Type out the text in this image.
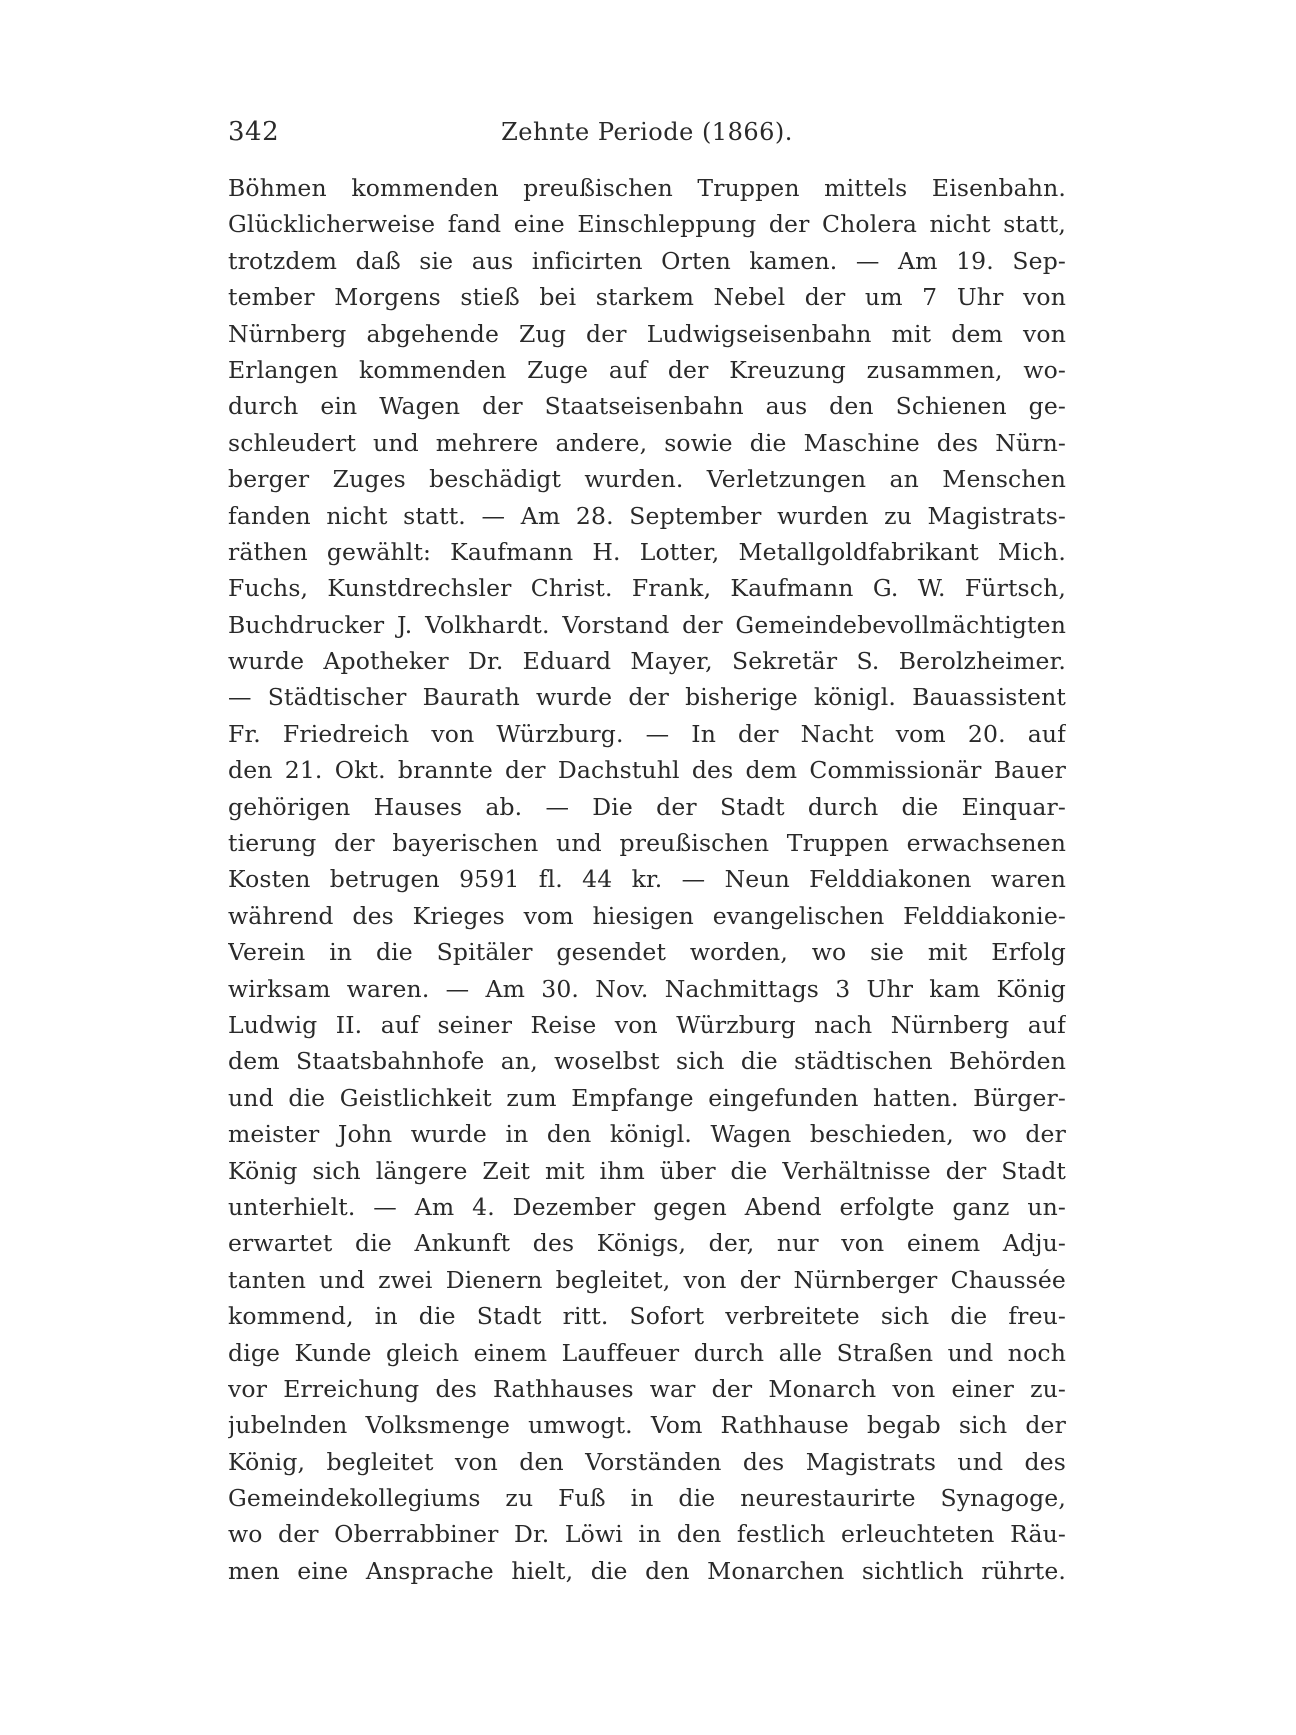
342	Zehnte Periode (1866).
Böhmen kommenden preußischen Truppen mittels Eisenbahn.
Glücklicherweise fand eine Einschleppung der Cholera nicht statt,
trotzdem daß sie aus inficirten Orten kamen. — Am 19. Sep-
tember Morgens stieß bei starkem Nebel der um 7 Uhr von
Nürnberg abgehende Zug der Ludwigseisenbahn mit dem von
Erlangen kommenden Zuge auf der Kreuzung zusammen, wo-
durch ein Wagen der Staatseisenbahn aus den Schienen ge-
schleudert und mehrere andere, sowie die Maschine des Nürn-
berger Zuges beschädigt wurden. Verletzungen an Menschen
fanden nicht statt. — Am 28. September wurden zu Magistrats-
räthen gewählt: Kaufmann H. Lotter, Metallgoldfabrikant Mich.
Fuchs, Kunstdrechsler Christ. Frank, Kaufmann G. W. Fürtsch,
Buchdrucker J. Volkhardt. Vorstand der Gemeindebevollmächtigten
wurde Apotheker Dr. Eduard Mayer, Sekretär S. Berolzheimer.
— Städtischer Baurath wurde der bisherige königl. Bauassistent
Fr. Friedreich von Würzburg. — In der Nacht vom 20. auf
den 21. Okt. brannte der Dachstuhl des dem Commissionär Bauer
gehörigen Hauses ab. — Die der Stadt durch die Einquar-
tierung der bayerischen und preußischen Truppen erwachsenen
Kosten betrugen 9591 fl. 44 kr. — Neun Felddiakonen waren
während des Krieges vom hiesigen evangelischen Felddiakonie-
Verein in die Spitäler gesendet worden, wo sie mit Erfolg
wirksam waren. — Am 30. Nov. Nachmittags 3 Uhr kam König
Ludwig II. auf seiner Reise von Würzburg nach Nürnberg auf
dem Staatsbahnhofe an, woselbst sich die städtischen Behörden
und die Geistlichkeit zum Empfange eingefunden hatten. Bürger-
meister John wurde in den königl. Wagen beschieden, wo der
König sich längere Zeit mit ihm über die Verhältnisse der Stadt
unterhielt. — Am 4. Dezember gegen Abend erfolgte ganz un-
erwartet die Ankunft des Königs, der, nur von einem Adju-
tanten und zwei Dienern begleitet, von der Nürnberger Chaussée
kommend, in die Stadt ritt. Sofort verbreitete sich die freu-
dige Kunde gleich einem Lauffeuer durch alle Straßen und noch
vor Erreichung des Rathhauses war der Monarch von einer zu-
jubelnden Volksmenge umwogt. Vom Rathhause begab sich der
König, begleitet von den Vorständen des Magistrats und des
Gemeindekollegiums zu Fuß in die neurestaurirte Synagoge,
wo der Oberrabbiner Dr. Löwi in den festlich erleuchteten Räu-
men eine Ansprache hielt, die den Monarchen sichtlich rührte.
